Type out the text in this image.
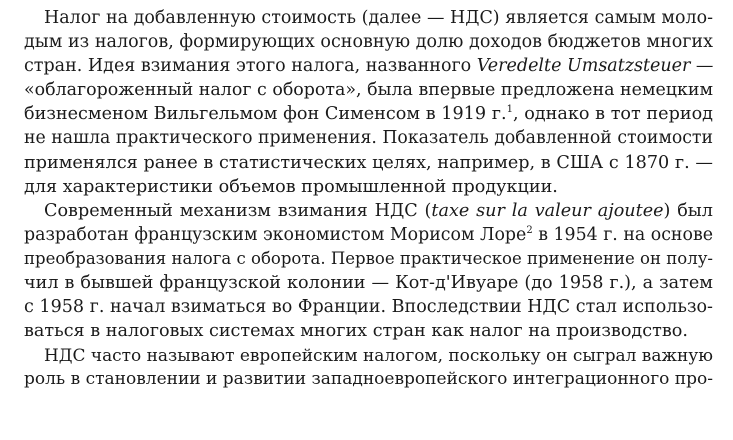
Налог на добавленную стоимость (далее — НДС) является самым моло-
дым из налогов, формирующих основную долю доходов бюджетов многих
стран. Идея взимания этого налога, названного Veredelte Umsatzsteuer —
«облагороженный налог с оборота», была впервые предложена немецким
бизнесменом Вильгельмом фон Сименсом в 1919 г.$^1$, однако в тот период
не нашла практического применения. Показатель добавленной стоимости
применялся ранее в статистических целях, например, в США с 1870 г. —
для характеристики объемов промышленной продукции.
Современный механизм взимания НДС (taxe sur la valeur ajoutee) был
разработан французским экономистом Морисом Лоре$^2$ в 1954 г. на основе
преобразования налога с оборота. Первое практическое применение он полу-
чил в бывшей французской колонии — Кот-д'Ивуаре (до 1958 г.), а затем
с 1958 г. начал взиматься во Франции. Впоследствии НДС стал использо-
ваться в налоговых системах многих стран как налог на производство.
НДС часто называют европейским налогом, поскольку он сыграл важную
роль в становлении и развитии западноевропейского интеграционного про-
